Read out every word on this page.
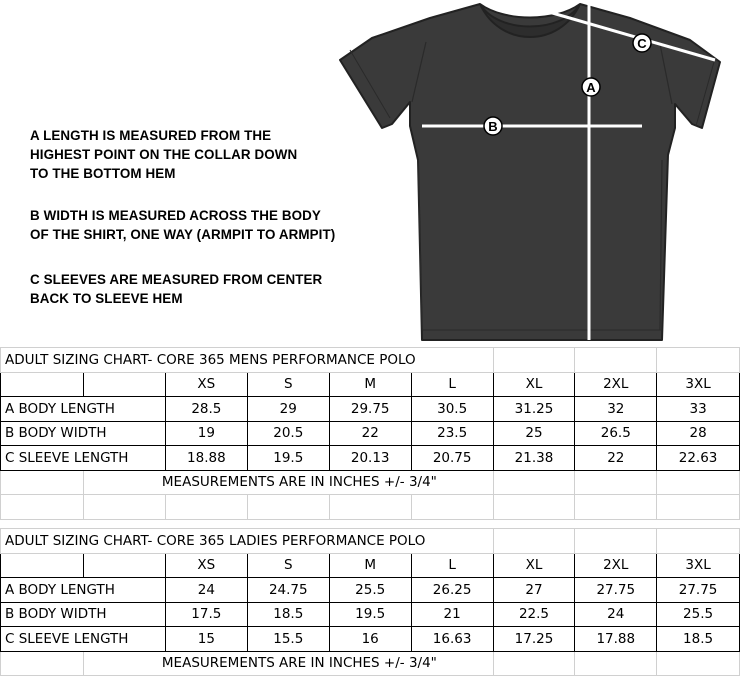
A LENGTH IS MEASURED FROM THE
HIGHEST POINT ON THE COLLAR DOWN
TO THE BOTTOM HEM

B WIDTH IS MEASURED ACROSS THE BODY
OF THE SHIRT, ONE WAY (ARMPIT TO ARMPIT)

C SLEEVES ARE MEASURED FROM CENTER
BACK TO SLEEVE HEM

A
B
C
ADULT SIZING CHART- CORE 365 MENS PERFORMANCE POLO								
		XS	S	M	L	XL	2XL	3XL
A BODY LENGTH		28.5	29	29.75	30.5	31.25	32	33
B BODY WIDTH		19	20.5	22	23.5	25	26.5	28
C SLEEVE LENGTH		18.88	19.5	20.13	20.75	21.38	22	22.63
	MEASUREMENTS ARE IN INCHES +/- 3/4"							

ADULT SIZING CHART- CORE 365 LADIES PERFORMANCE POLO								
		XS	S	M	L	XL	2XL	3XL
A BODY LENGTH		24	24.75	25.5	26.25	27	27.75	27.75
B BODY WIDTH		17.5	18.5	19.5	21	22.5	24	25.5
C SLEEVE LENGTH		15	15.5	16	16.63	17.25	17.88	18.5
	MEASUREMENTS ARE IN INCHES +/- 3/4"							
